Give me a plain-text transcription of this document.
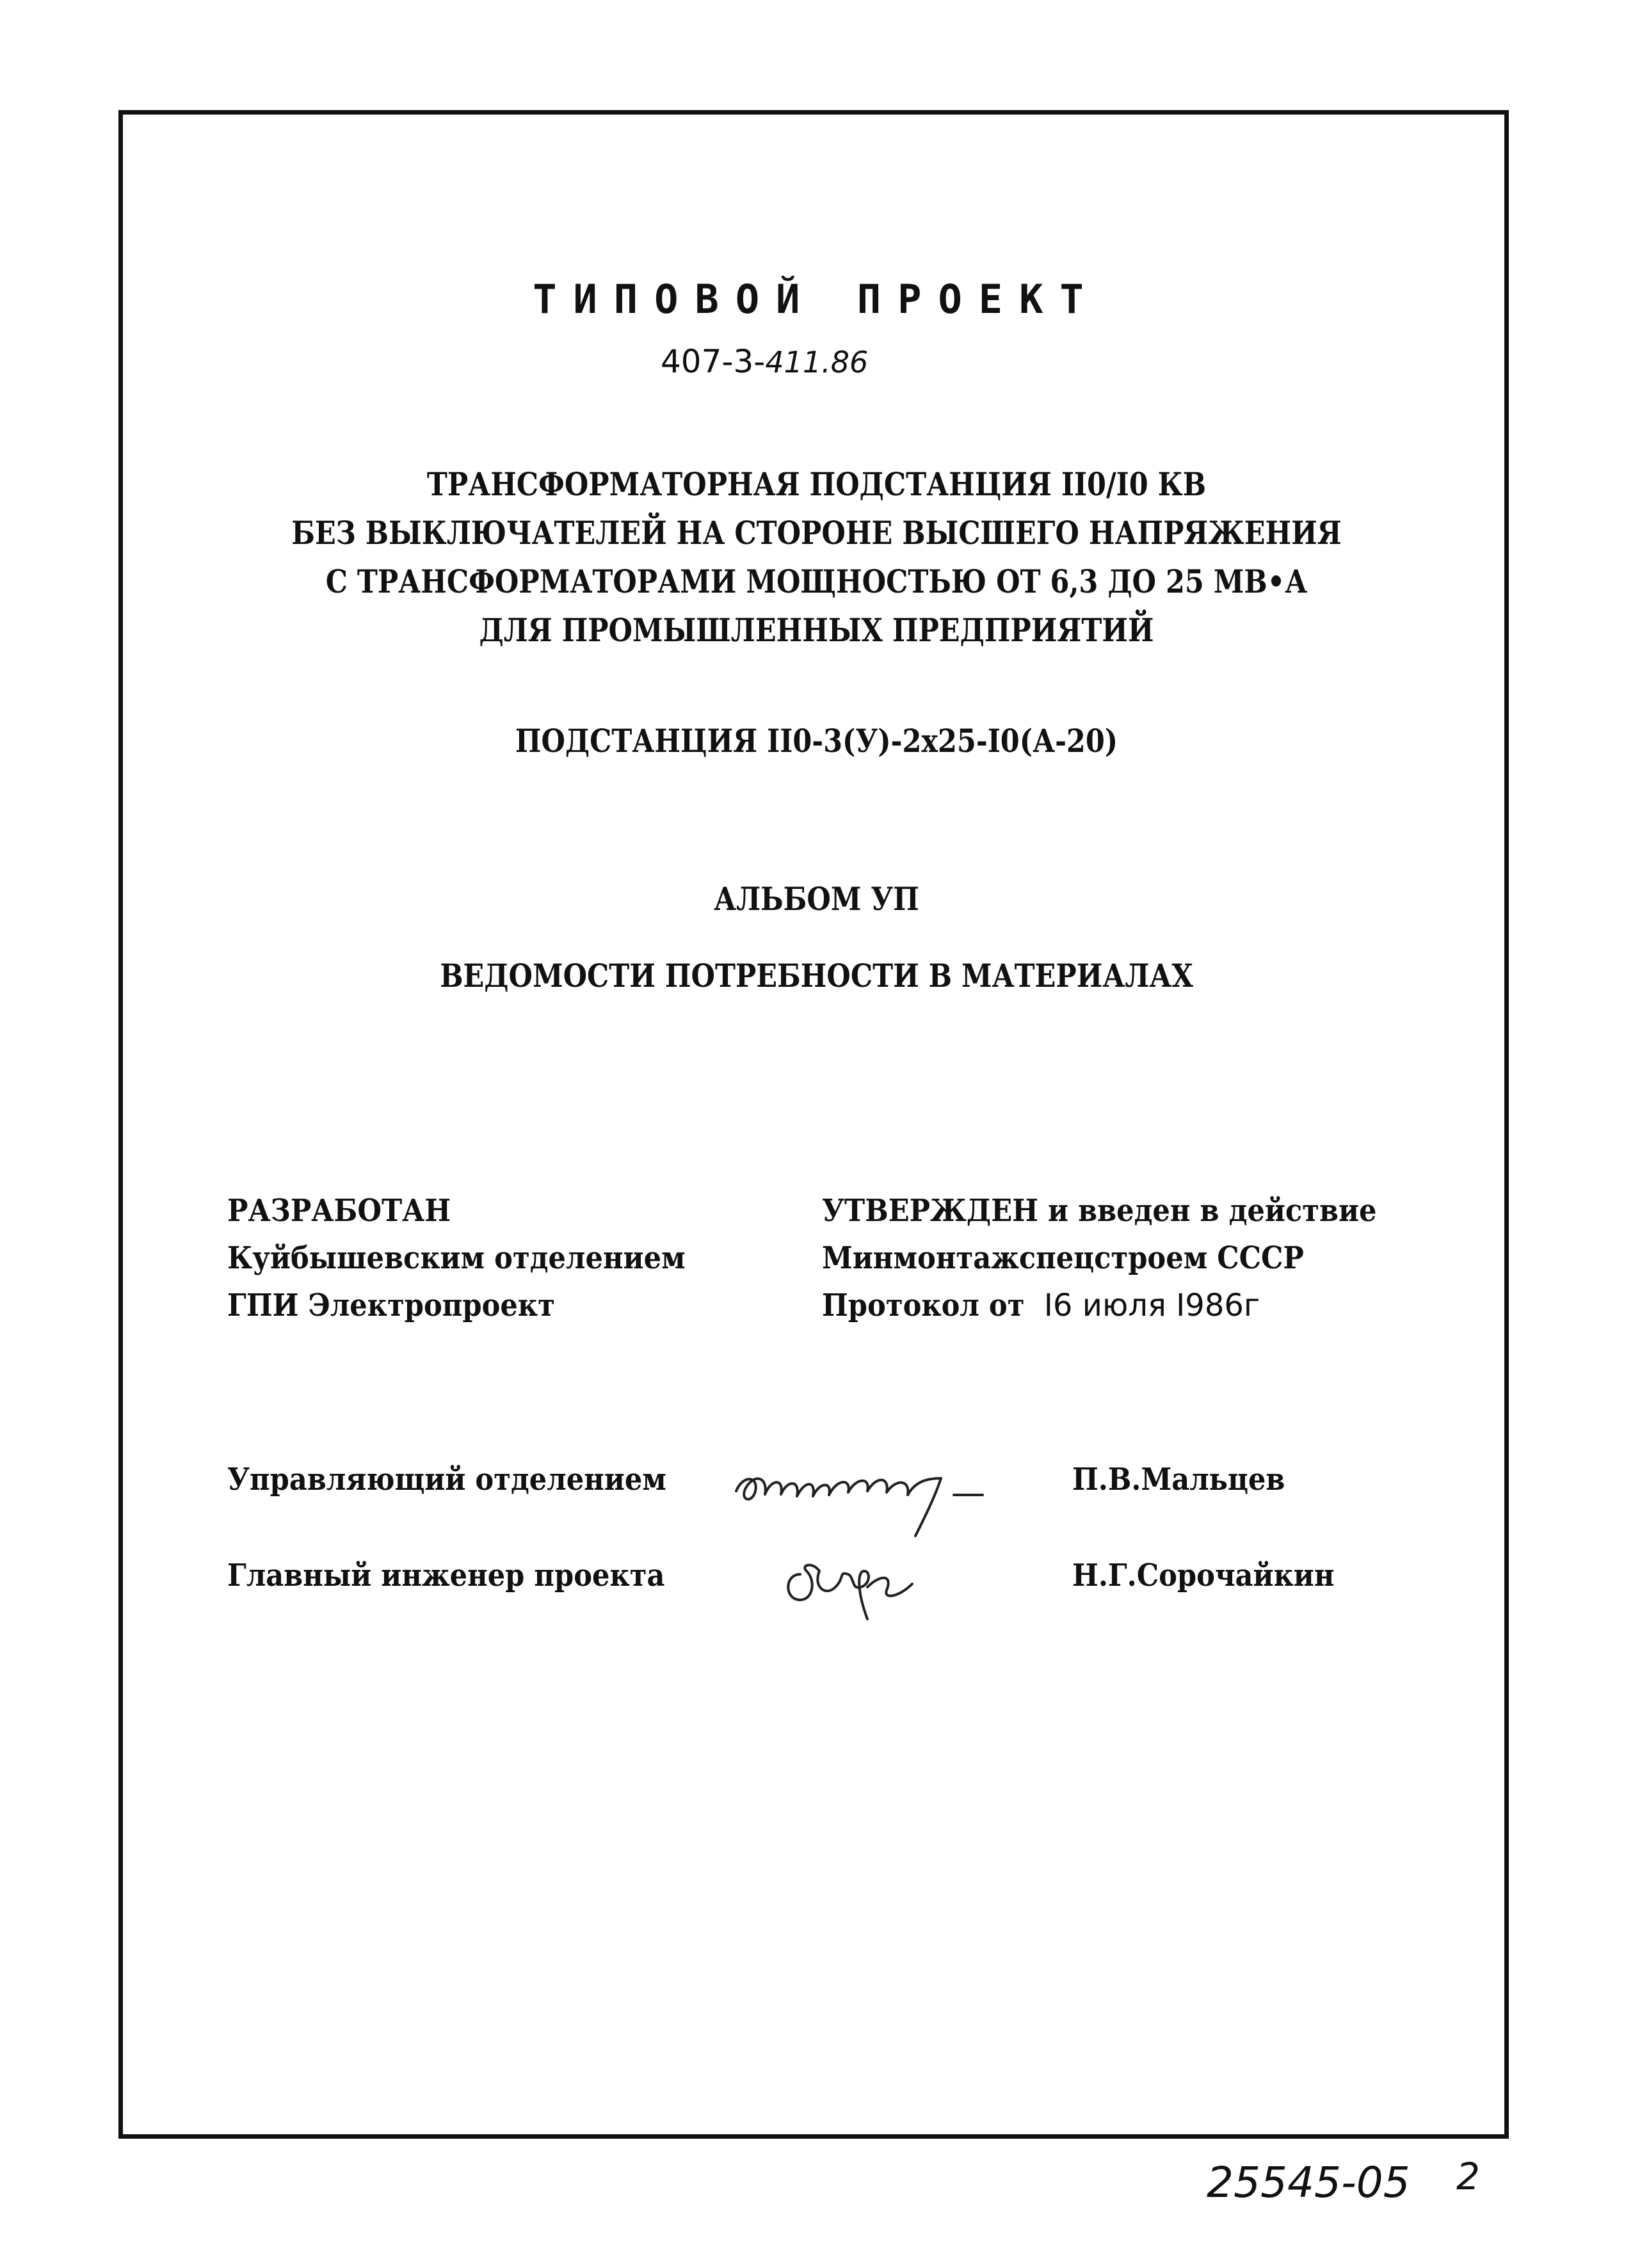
ТИПОВОЙ ПРОЕКТ
407-3-411.86
ТРАНСФОРМАТОРНАЯ ПОДСТАНЦИЯ II0/I0 КВ
БЕЗ ВЫКЛЮЧАТЕЛЕЙ НА СТОРОНЕ ВЫСШЕГО НАПРЯЖЕНИЯ
С ТРАНСФОРМАТОРАМИ МОЩНОСТЬЮ ОТ 6,3 ДО 25 МВ•А
ДЛЯ ПРОМЫШЛЕННЫХ ПРЕДПРИЯТИЙ
ПОДСТАНЦИЯ II0-3(У)-2х25-I0(А-20)
АЛЬБОМ УП
ВЕДОМОСТИ ПОТРЕБНОСТИ В МАТЕРИАЛАХ
РАЗРАБОТАН
Куйбышевским отделением
ГПИ Электропроект
УТВЕРЖДЕН и введен в действие
Минмонтажспецстроем СССР
Протокол от I6 июля I986г
Управляющий отделением	П.В.Мальцев
Главный инженер проекта	Н.Г.Сорочайкин
25545-05 2
